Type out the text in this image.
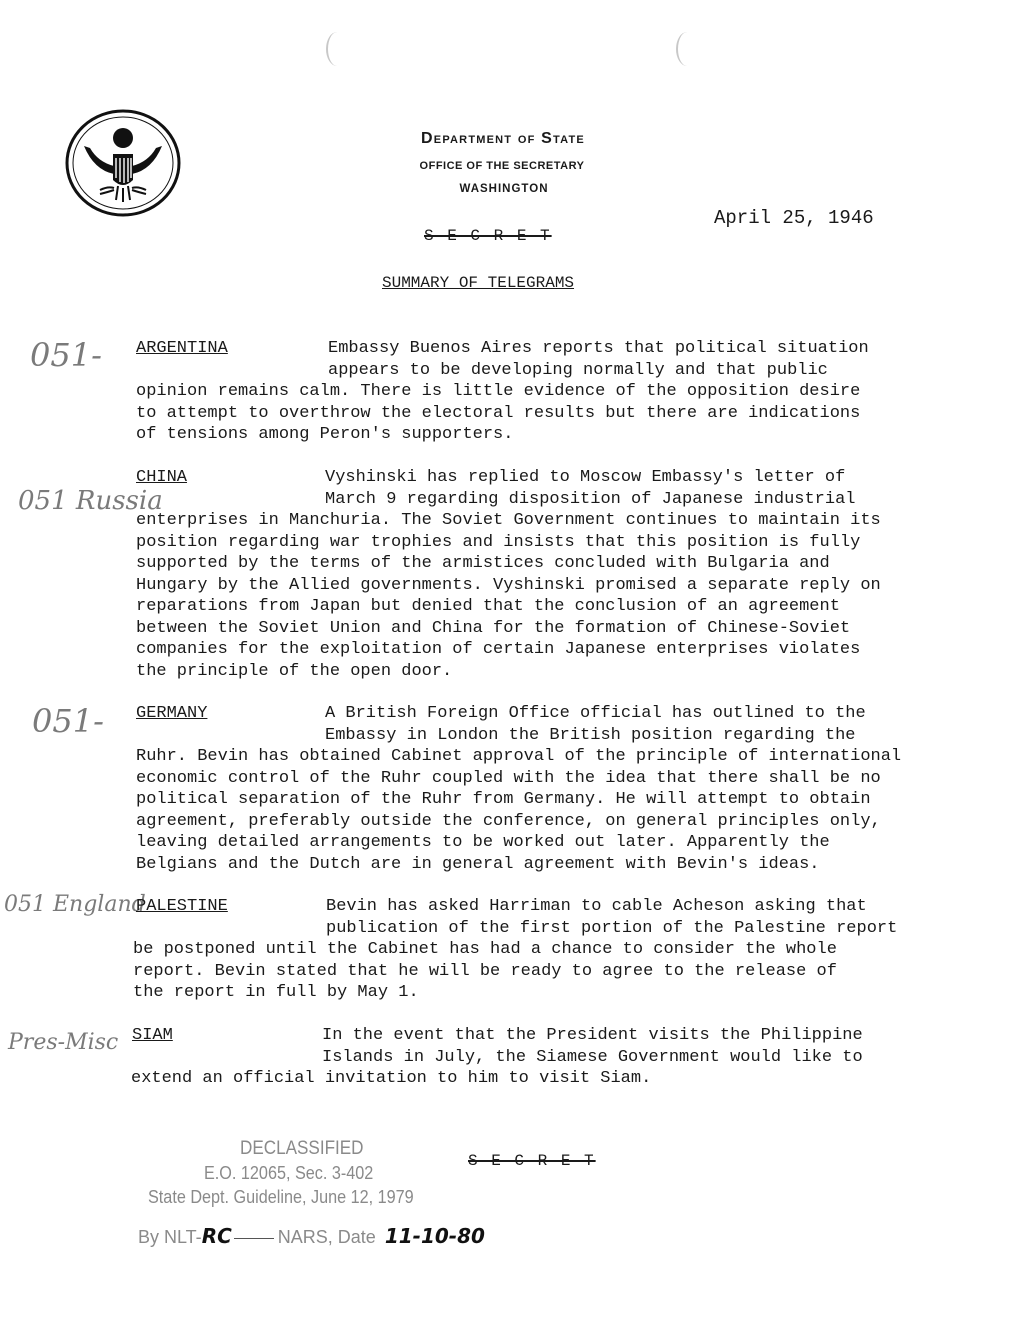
Department of State
OFFICE OF THE SECRETARY
WASHINGTON
April 25, 1946
S E C R E T
SUMMARY OF TELEGRAMS
051-
051 Russia
051-
051 England
Pres-Misc
ARGENTINA	Embassy Buenos Aires reports that political situation
appears to be developing normally and that public
opinion remains calm. There is little evidence of the opposition desire
to attempt to overthrow the electoral results but there are indications
of tensions among Peron's supporters.
CHINA	Vyshinski has replied to Moscow Embassy's letter of
March 9 regarding disposition of Japanese industrial
enterprises in Manchuria. The Soviet Government continues to maintain its
position regarding war trophies and insists that this position is fully
supported by the terms of the armistices concluded with Bulgaria and
Hungary by the Allied governments. Vyshinski promised a separate reply on
reparations from Japan but denied that the conclusion of an agreement
between the Soviet Union and China for the formation of Chinese-Soviet
companies for the exploitation of certain Japanese enterprises violates
the principle of the open door.
GERMANY	A British Foreign Office official has outlined to the
Embassy in London the British position regarding the
Ruhr. Bevin has obtained Cabinet approval of the principle of international
economic control of the Ruhr coupled with the idea that there shall be no
political separation of the Ruhr from Germany. He will attempt to obtain
agreement, preferably outside the conference, on general principles only,
leaving detailed arrangements to be worked out later. Apparently the
Belgians and the Dutch are in general agreement with Bevin's ideas.
PALESTINE	Bevin has asked Harriman to cable Acheson asking that
publication of the first portion of the Palestine report
be postponed until the Cabinet has had a chance to consider the whole
report. Bevin stated that he will be ready to agree to the release of
the report in full by May 1.
SIAM	In the event that the President visits the Philippine
Islands in July, the Siamese Government would like to
extend an official invitation to him to visit Siam.
DECLASSIFIED
E.O. 12065, Sec. 3-402
State Dept. Guideline, June 12, 1979
By NLT-RC	NARS, Date 11-10-80
S E C R E T
